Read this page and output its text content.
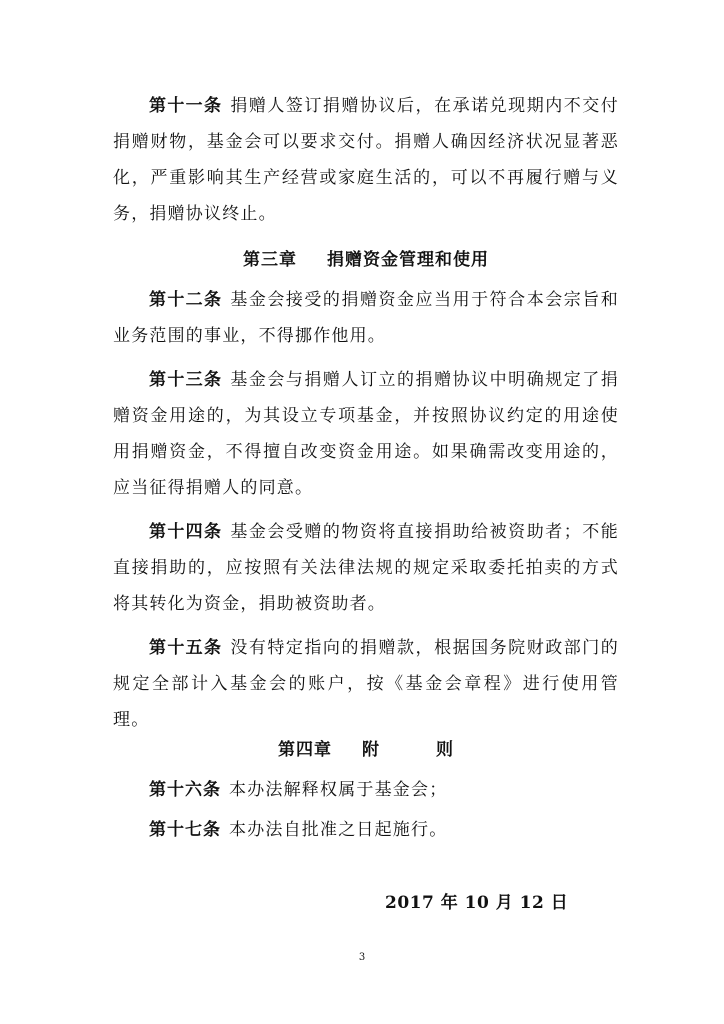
第十一条 捐赠人签订捐赠协议后，在承诺兑现期内不交付捐赠财物，基金会可以要求交付。捐赠人确因经济状况显著恶化，严重影响其生产经营或家庭生活的，可以不再履行赠与义务，捐赠协议终止。

第三章 捐赠资金管理和使用

第十二条 基金会接受的捐赠资金应当用于符合本会宗旨和业务范围的事业，不得挪作他用。

第十三条 基金会与捐赠人订立的捐赠协议中明确规定了捐赠资金用途的，为其设立专项基金，并按照协议约定的用途使用捐赠资金，不得擅自改变资金用途。如果确需改变用途的，应当征得捐赠人的同意。

第十四条 基金会受赠的物资将直接捐助给被资助者；不能直接捐助的，应按照有关法律法规的规定采取委托拍卖的方式将其转化为资金，捐助被资助者。

第十五条 没有特定指向的捐赠款，根据国务院财政部门的规定全部计入基金会的账户，按《基金会章程》进行使用管理。

第四章 附	则

第十六条 本办法解释权属于基金会；

第十七条 本办法自批准之日起施行。

2017 年 10 月 12 日
3
